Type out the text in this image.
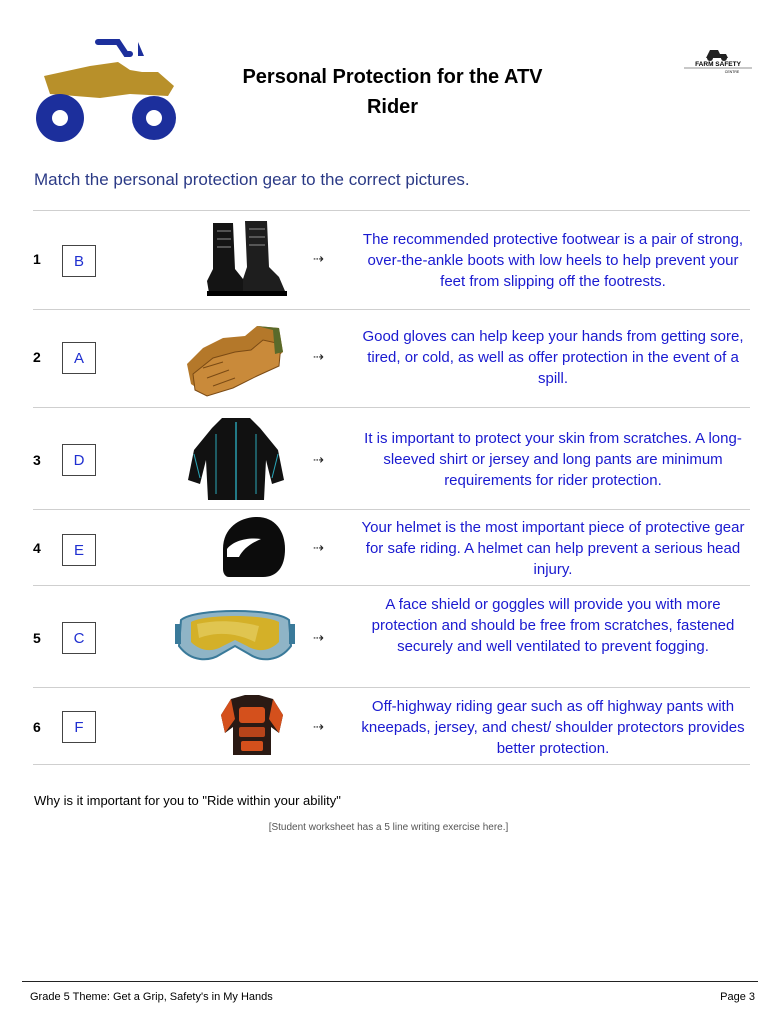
Personal Protection for the ATV
Rider
FARM SAFETY
CENTRE
Match the personal protection gear to the correct pictures.
1	B	⇢
The recommended protective footwear is a pair of strong, over-the-ankle boots with low heels to help prevent your feet from slipping off the footrests.
2	A	⇢
Good gloves can help keep your hands from getting sore, tired, or cold, as well as offer protection in the event of a spill.
3	D	⇢
It is important to protect your skin from scratches. A long-sleeved shirt or jersey and long pants are minimum requirements for rider protection.
4	E	⇢
Your helmet is the most important piece of protective gear for safe riding. A helmet can help prevent a serious head injury.
5	C	⇢
A face shield or goggles will provide you with more protection and should be free from scratches, fastened securely and well ventilated to prevent fogging.
6	F	⇢
Off-highway riding gear such as off highway pants with kneepads, jersey, and chest/ shoulder protectors provides better protection.
Why is it important for you to "Ride within your ability"
[Student worksheet has a 5 line writing exercise here.]
Grade 5 Theme: Get a Grip, Safety's in My Hands	Page 3
